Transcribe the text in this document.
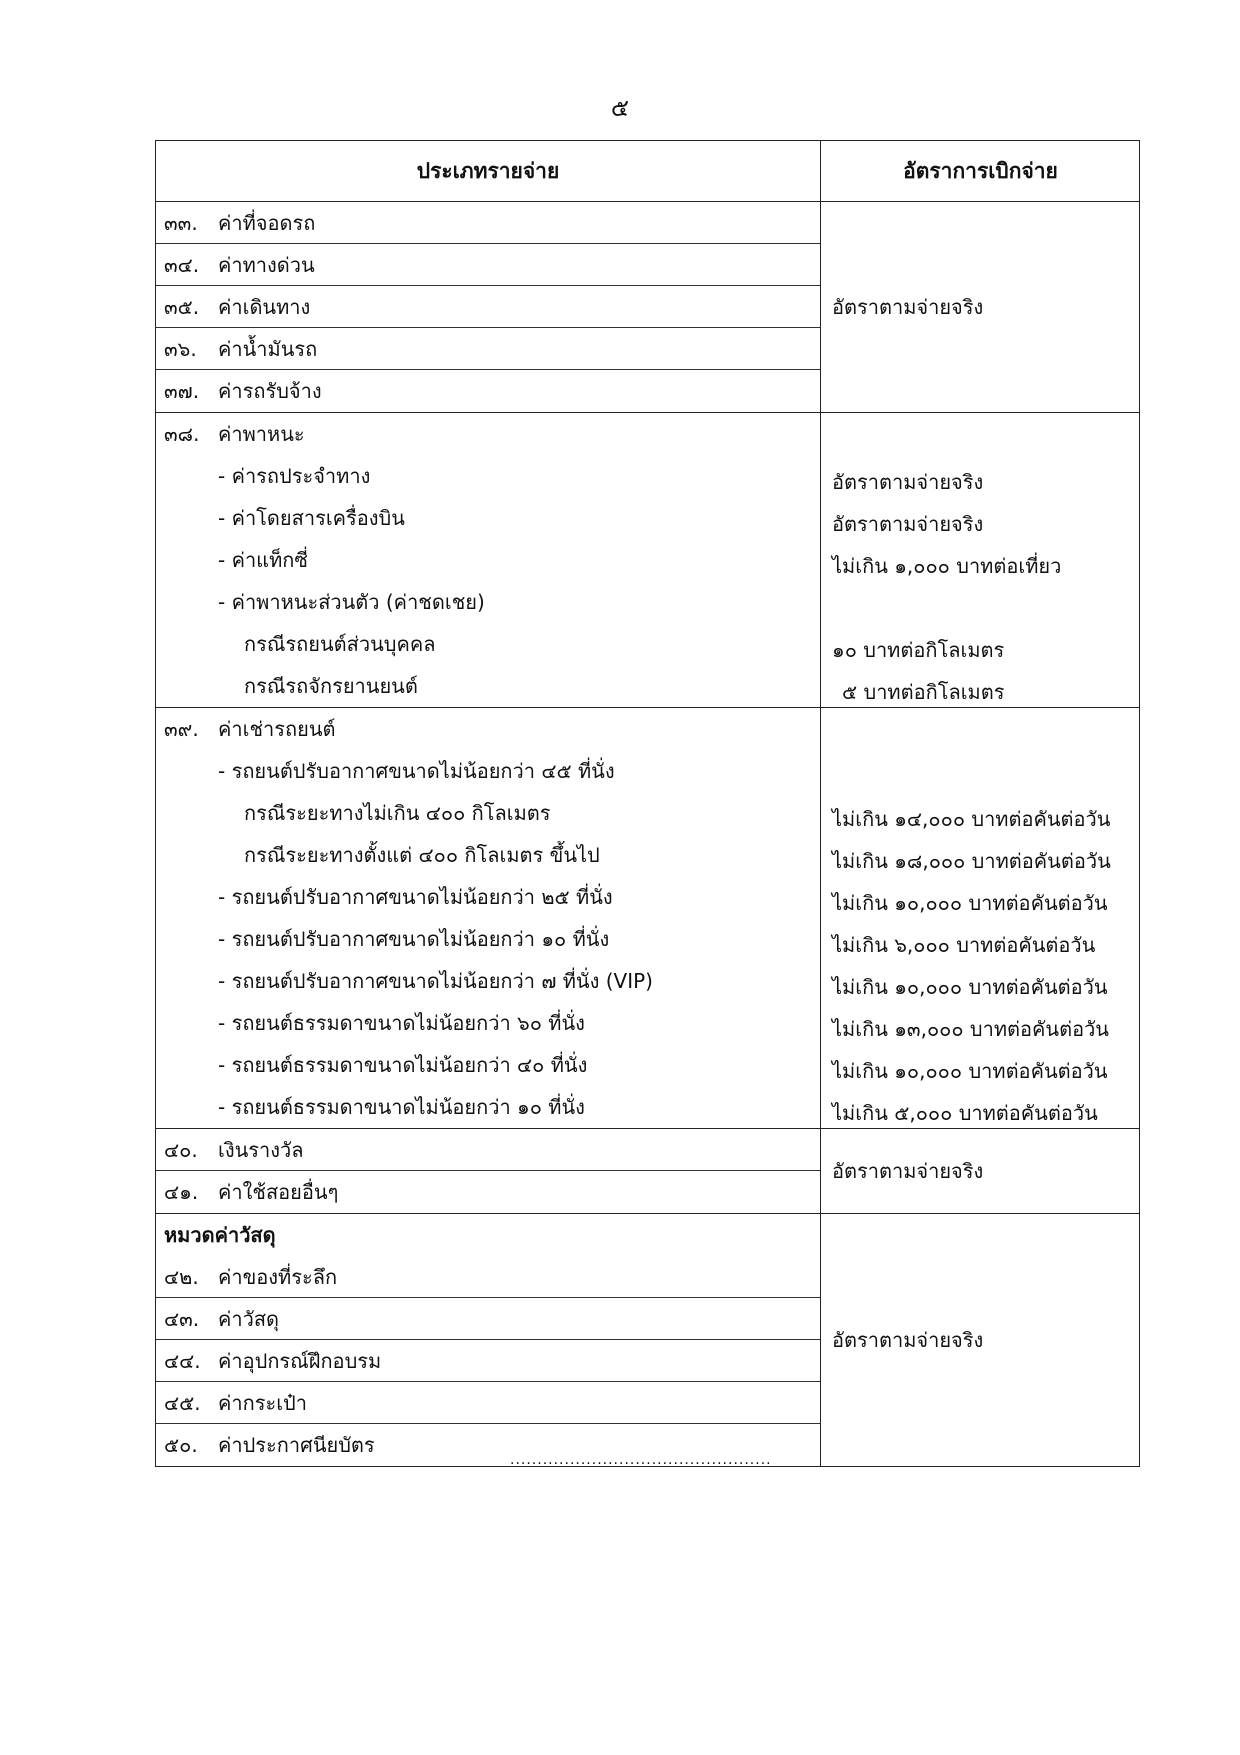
๕
ประเภทรายจ่าย	อัตราการเบิกจ่าย
๓๓.	ค่าที่จอดรถ
๓๔. ค่าทางด่วน
๓๕. ค่าเดินทาง
๓๖.	ค่าน้ำมันรถ
๓๗. ค่ารถรับจ้าง
อัตราตามจ่ายจริง
๓๘. ค่าพาหนะ
- ค่ารถประจำทาง	อัตราตามจ่ายจริง
- ค่าโดยสารเครื่องบิน	อัตราตามจ่ายจริง
- ค่าแท็กซี่	ไม่เกิน ๑,๐๐๐ บาทต่อเที่ยว
- ค่าพาหนะส่วนตัว (ค่าชดเชย)
กรณีรถยนต์ส่วนบุคคล	๑๐ บาทต่อกิโลเมตร
กรณีรถจักรยานยนต์	๕ บาทต่อกิโลเมตร
๓๙. ค่าเช่ารถยนต์
- รถยนต์ปรับอากาศขนาดไม่น้อยกว่า ๔๕ ที่นั่ง
กรณีระยะทางไม่เกิน ๔๐๐ กิโลเมตร	ไม่เกิน ๑๔,๐๐๐ บาทต่อคันต่อวัน
กรณีระยะทางตั้งแต่ ๔๐๐ กิโลเมตร ขึ้นไป	ไม่เกิน ๑๘,๐๐๐ บาทต่อคันต่อวัน
- รถยนต์ปรับอากาศขนาดไม่น้อยกว่า ๒๕ ที่นั่ง	ไม่เกิน ๑๐,๐๐๐ บาทต่อคันต่อวัน
- รถยนต์ปรับอากาศขนาดไม่น้อยกว่า ๑๐ ที่นั่ง	ไม่เกิน ๖,๐๐๐ บาทต่อคันต่อวัน
- รถยนต์ปรับอากาศขนาดไม่น้อยกว่า ๗ ที่นั่ง (VIP)	ไม่เกิน ๑๐,๐๐๐ บาทต่อคันต่อวัน
- รถยนต์ธรรมดาขนาดไม่น้อยกว่า ๖๐ ที่นั่ง	ไม่เกิน ๑๓,๐๐๐ บาทต่อคันต่อวัน
- รถยนต์ธรรมดาขนาดไม่น้อยกว่า ๔๐ ที่นั่ง	ไม่เกิน ๑๐,๐๐๐ บาทต่อคันต่อวัน
- รถยนต์ธรรมดาขนาดไม่น้อยกว่า ๑๐ ที่นั่ง	ไม่เกิน ๕,๐๐๐ บาทต่อคันต่อวัน
๔๐.	เงินรางวัล
๔๑. ค่าใช้สอยอื่นๆ
อัตราตามจ่ายจริง
หมวดค่าวัสดุ
๔๒. ค่าของที่ระลึก
๔๓. ค่าวัสดุ
๔๔. ค่าอุปกรณ์ฝึกอบรม
๔๕. ค่ากระเป๋า
๕๐.	ค่าประกาศนียบัตร
อัตราตามจ่ายจริง
................................................
